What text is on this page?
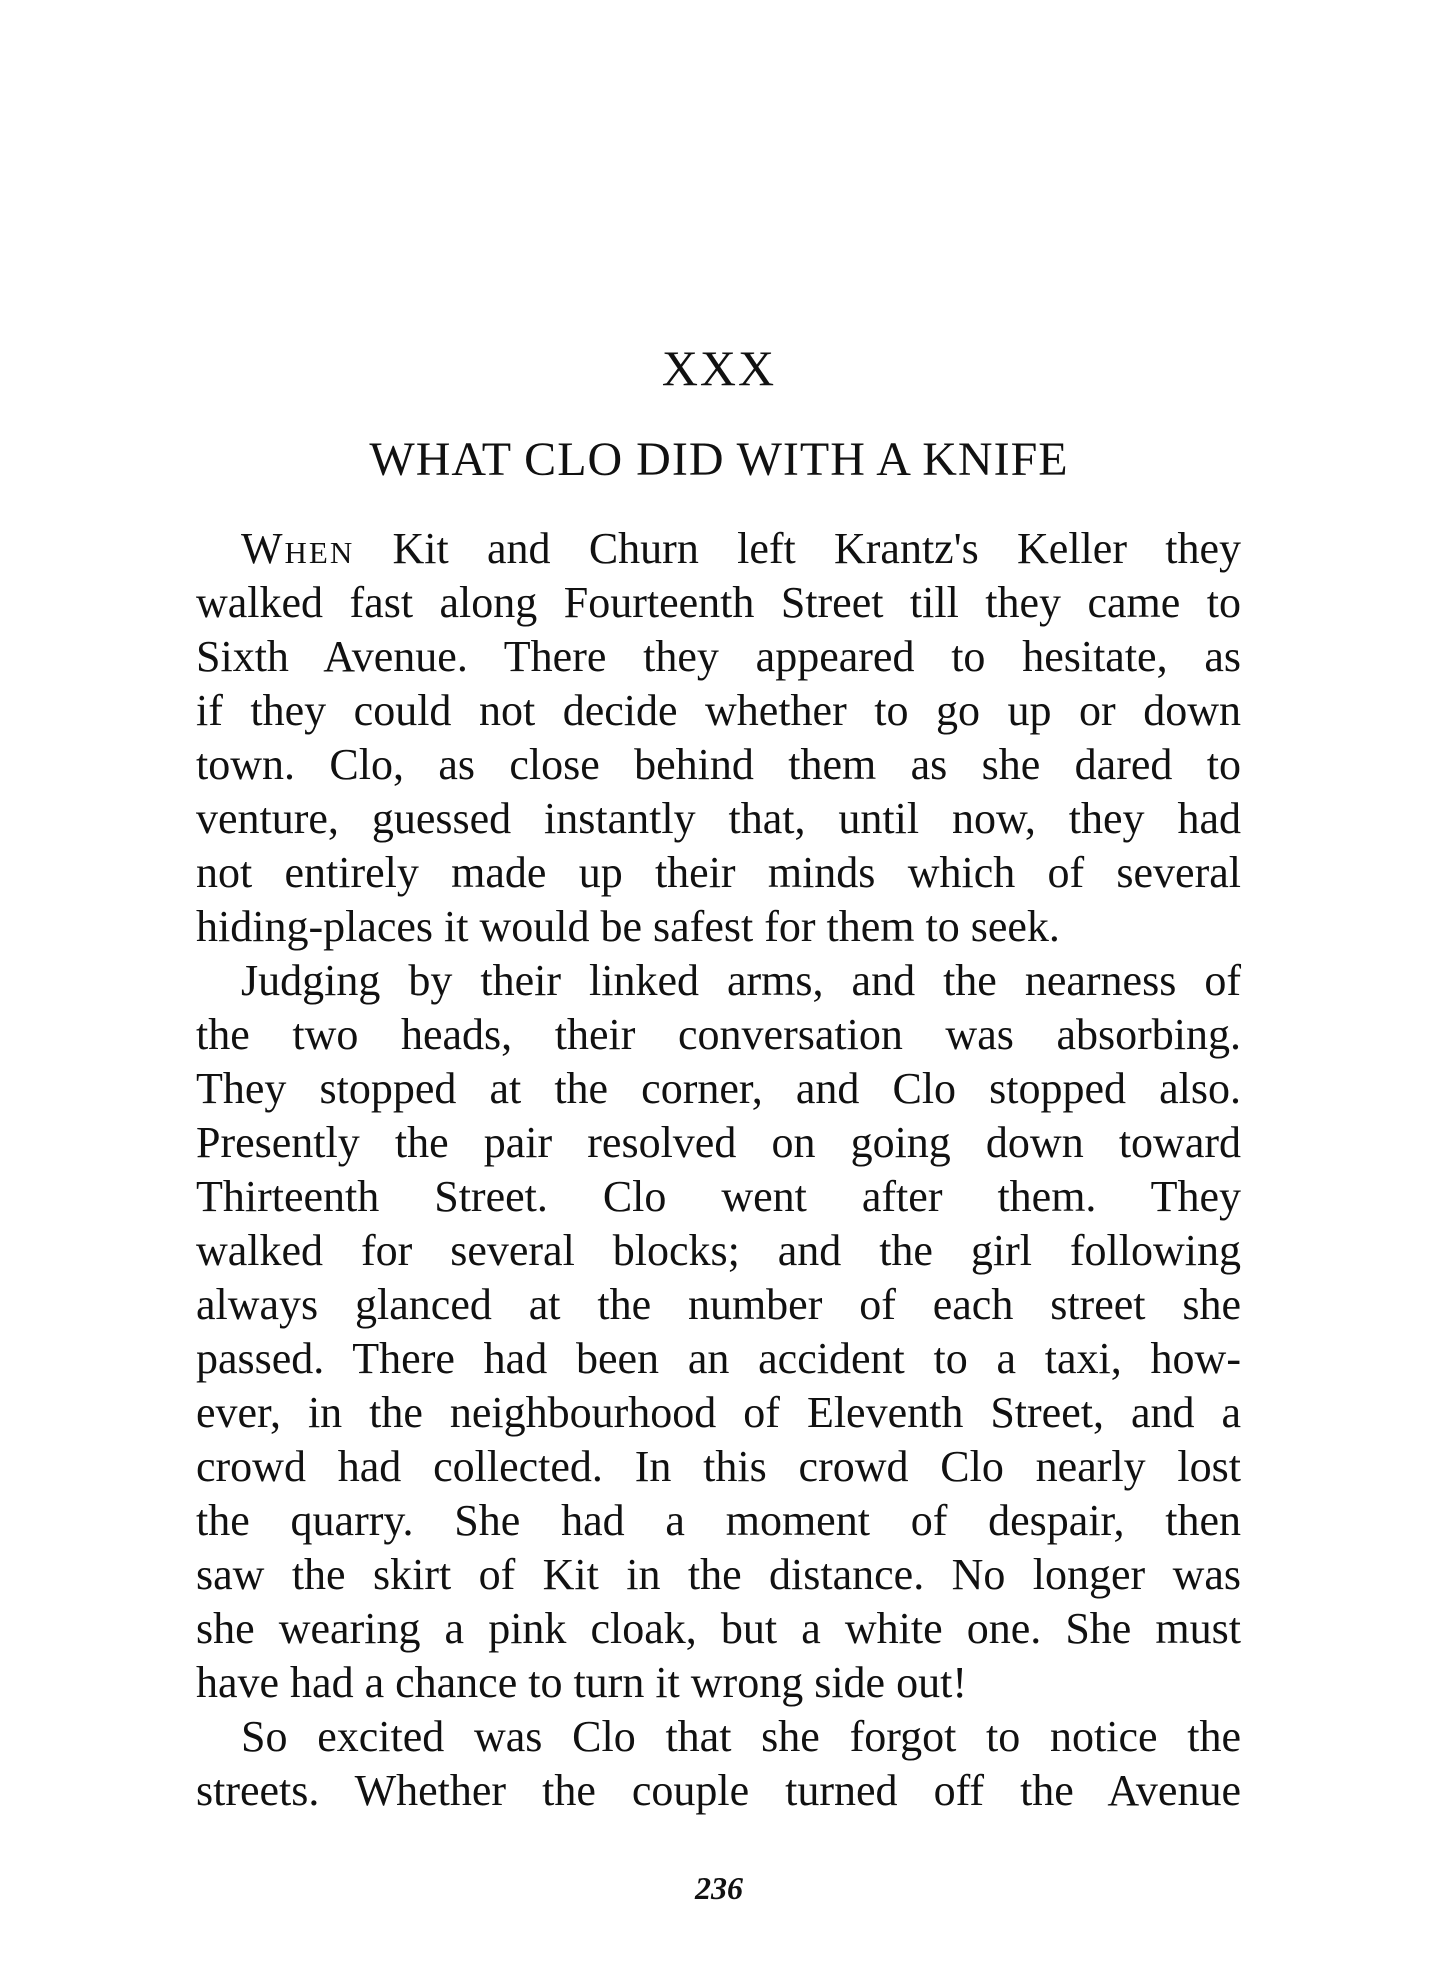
XXX
WHAT CLO DID WITH A KNIFE
When Kit and Churn left Krantz's Keller they
walked fast along Fourteenth Street till they came to
Sixth Avenue. There they appeared to hesitate, as
if they could not decide whether to go up or down
town. Clo, as close behind them as she dared to
venture, guessed instantly that, until now, they had
not entirely made up their minds which of several
hiding-places it would be safest for them to seek.
Judging by their linked arms, and the nearness of
the two heads, their conversation was absorbing.
They stopped at the corner, and Clo stopped also.
Presently the pair resolved on going down toward
Thirteenth Street. Clo went after them. They
walked for several blocks; and the girl following
always glanced at the number of each street she
passed. There had been an accident to a taxi, how-
ever, in the neighbourhood of Eleventh Street, and a
crowd had collected. In this crowd Clo nearly lost
the quarry. She had a moment of despair, then
saw the skirt of Kit in the distance. No longer was
she wearing a pink cloak, but a white one. She must
have had a chance to turn it wrong side out!
So excited was Clo that she forgot to notice the
streets. Whether the couple turned off the Avenue
236
